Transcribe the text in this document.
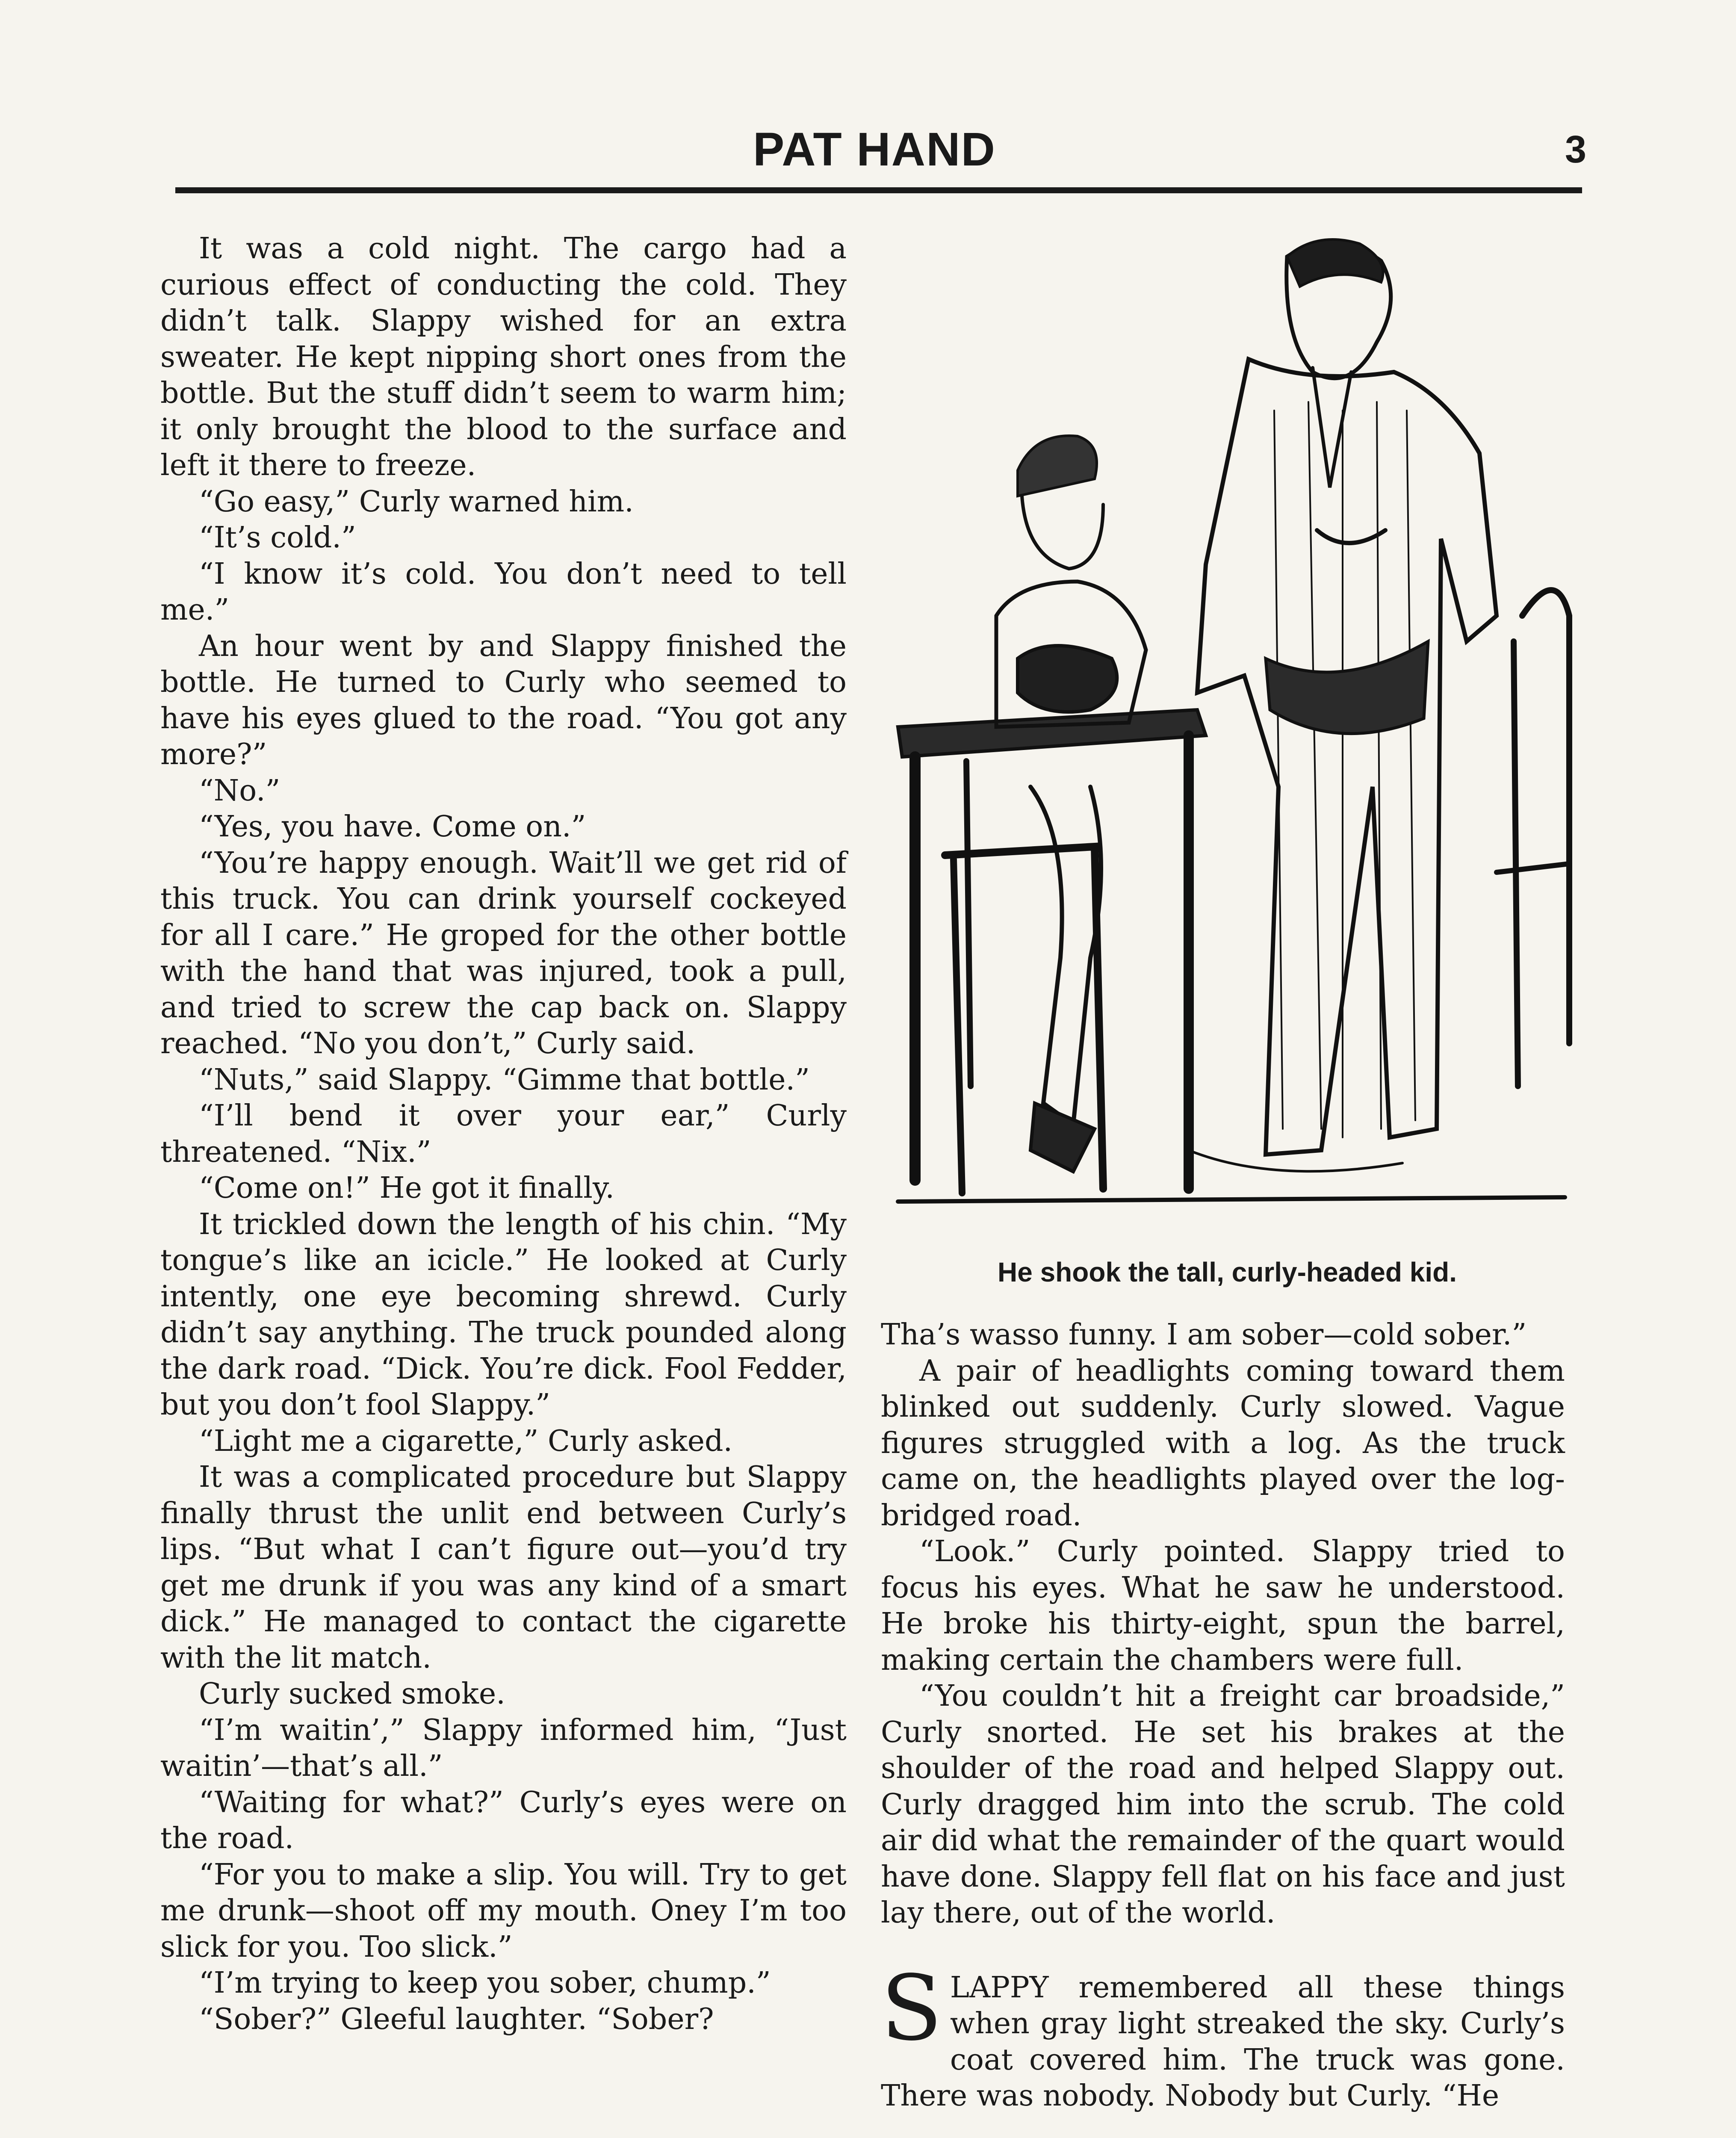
PAT HAND	3

It was a cold night. The cargo had a curious effect of conducting the cold. They didn’t talk. Slappy wished for an extra sweater. He kept nipping short ones from the bottle. But the stuff didn’t seem to warm him; it only brought the blood to the surface and left it there to freeze.

“Go easy,” Curly warned him.

“It’s cold.”

“I know it’s cold. You don’t need to tell me.”

An hour went by and Slappy finished the bottle. He turned to Curly who seemed to have his eyes glued to the road. “You got any more?”

“No.”

“Yes, you have. Come on.”

“You’re happy enough. Wait’ll we get rid of this truck. You can drink yourself cockeyed for all I care.” He groped for the other bottle with the hand that was injured, took a pull, and tried to screw the cap back on. Slappy reached. “No you don’t,” Curly said.

“Nuts,” said Slappy. “Gimme that bottle.”

“I’ll bend it over your ear,” Curly threatened. “Nix.”

“Come on!” He got it finally.

It trickled down the length of his chin. “My tongue’s like an icicle.” He looked at Curly intently, one eye becoming shrewd. Curly didn’t say anything. The truck pounded along the dark road. “Dick. You’re dick. Fool Fedder, but you don’t fool Slappy.”

“Light me a cigarette,” Curly asked.

It was a complicated procedure but Slappy finally thrust the unlit end between Curly’s lips. “But what I can’t figure out—you’d try get me drunk if you was any kind of a smart dick.” He managed to contact the cigarette with the lit match.

Curly sucked smoke.

“I’m waitin’,” Slappy informed him, “Just waitin’—that’s all.”

“Waiting for what?” Curly’s eyes were on the road.

“For you to make a slip. You will. Try to get me drunk—shoot off my mouth. Oney I’m too slick for you. Too slick.”

“I’m trying to keep you sober, chump.”

“Sober?” Gleeful laughter. “Sober?

He shook the tall, curly-headed kid.

Tha’s wasso funny. I am sober—cold sober.”

A pair of headlights coming toward them blinked out suddenly. Curly slowed. Vague figures struggled with a log. As the truck came on, the headlights played over the log-bridged road.

“Look.” Curly pointed. Slappy tried to focus his eyes. What he saw he understood. He broke his thirty-eight, spun the barrel, making certain the chambers were full.

“You couldn’t hit a freight car broadside,” Curly snorted. He set his brakes at the shoulder of the road and helped Slappy out. Curly dragged him into the scrub. The cold air did what the remainder of the quart would have done. Slappy fell flat on his face and just lay there, out of the world.

SLAPPY remembered all these things when gray light streaked the sky. Curly’s coat covered him. The truck was gone. There was nobody. Nobody but Curly. “He
